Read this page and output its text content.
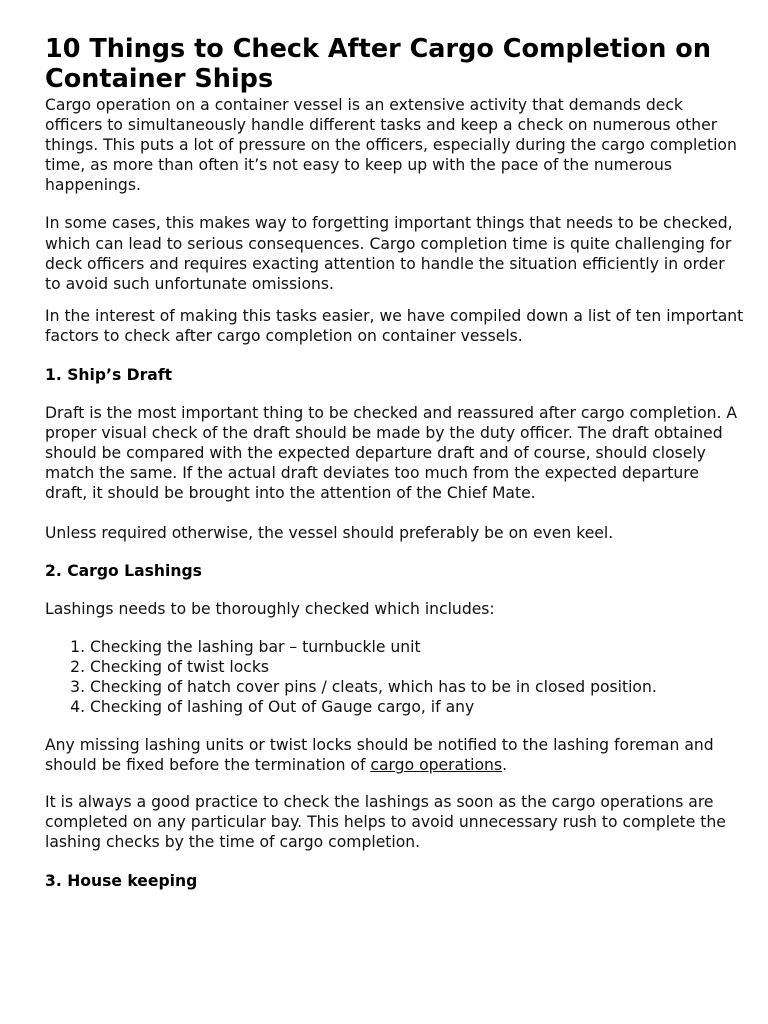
10 Things to Check After Cargo Completion on Container Ships

Cargo operation on a container vessel is an extensive activity that demands deck officers to simultaneously handle different tasks and keep a check on numerous other things. This puts a lot of pressure on the officers, especially during the cargo completion time, as more than often it’s not easy to keep up with the pace of the numerous happenings.

In some cases, this makes way to forgetting important things that needs to be checked, which can lead to serious consequences. Cargo completion time is quite challenging for deck officers and requires exacting attention to handle the situation efficiently in order to avoid such unfortunate omissions.

In the interest of making this tasks easier, we have compiled down a list of ten important factors to check after cargo completion on container vessels.

1. Ship’s Draft

Draft is the most important thing to be checked and reassured after cargo completion. A proper visual check of the draft should be made by the duty officer. The draft obtained should be compared with the expected departure draft and of course, should closely match the same. If the actual draft deviates too much from the expected departure draft, it should be brought into the attention of the Chief Mate.

Unless required otherwise, the vessel should preferably be on even keel.

2. Cargo Lashings

Lashings needs to be thoroughly checked which includes:

1. Checking the lashing bar – turnbuckle unit
2. Checking of twist locks
3. Checking of hatch cover pins / cleats, which has to be in closed position.
4. Checking of lashing of Out of Gauge cargo, if any

Any missing lashing units or twist locks should be notified to the lashing foreman and should be fixed before the termination of cargo operations.

It is always a good practice to check the lashings as soon as the cargo operations are completed on any particular bay. This helps to avoid unnecessary rush to complete the lashing checks by the time of cargo completion.

3. House keeping
